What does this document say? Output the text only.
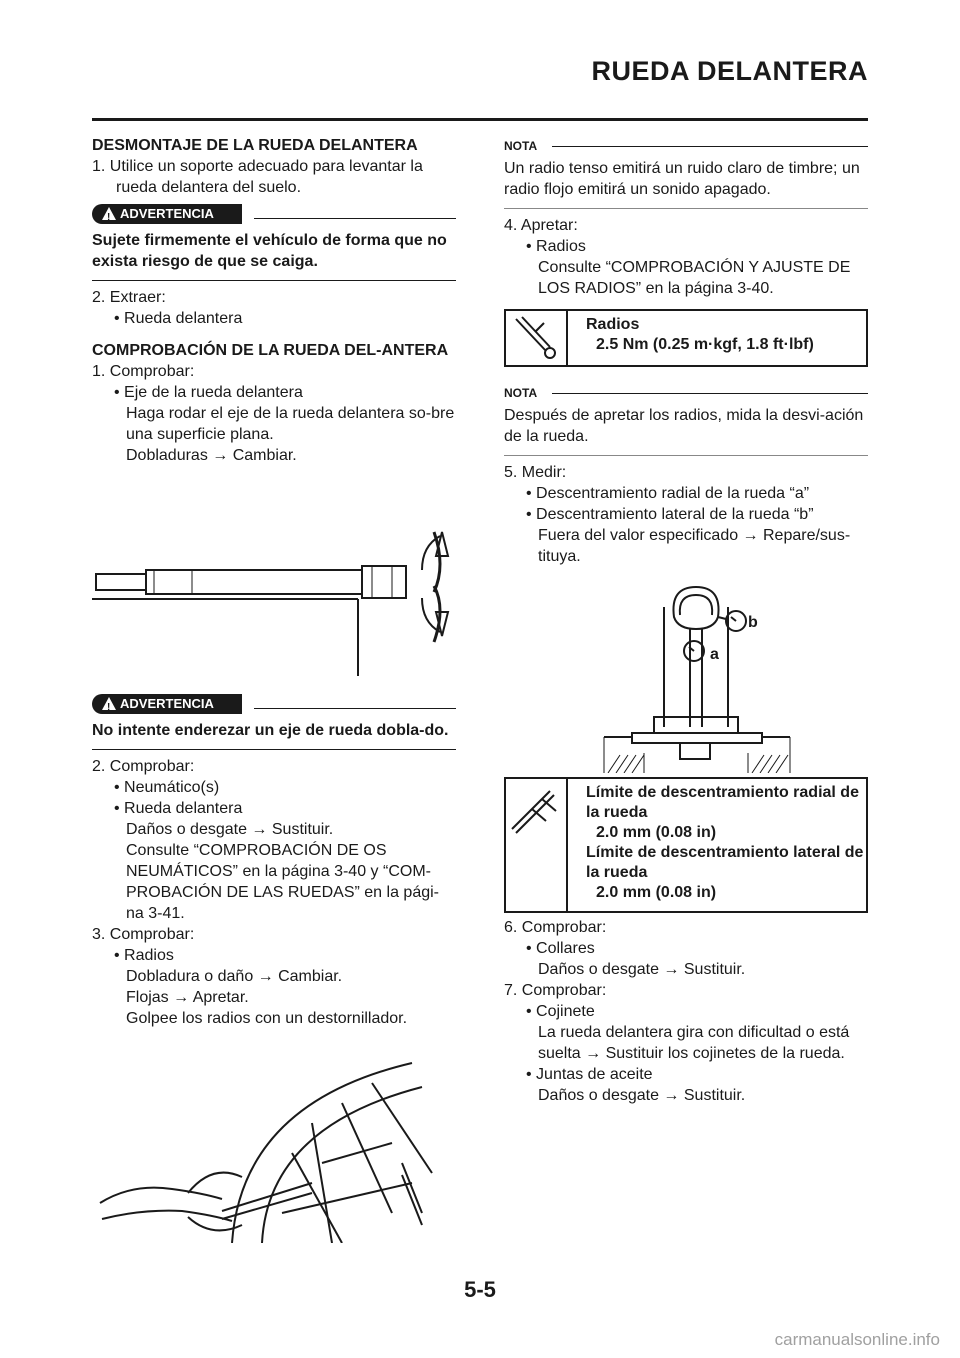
RUEDA DELANTERA

DESMONTAJE DE LA RUEDA DELANTERA

1. Utilice un soporte adecuado para levantar la rueda delantera del suelo.

!
ADVERTENCIA

Sujete firmemente el vehículo de forma que no exista riesgo de que se caiga.

2. Extraer:

• Rueda delantera

COMPROBACIÓN DE LA RUEDA DEL-ANTERA

1. Comprobar:

• Eje de la rueda delantera

Haga rodar el eje de la rueda delantera so-bre una superficie plana.

Dobladuras → Cambiar.

!
ADVERTENCIA

No intente enderezar un eje de rueda dobla-do.

2. Comprobar:

• Neumático(s)

• Rueda delantera

Daños o desgate → Sustituir.

Consulte “COMPROBACIÓN DE OS NEUMÁTICOS” en la página 3-40 y “COM-PROBACIÓN DE LAS RUEDAS” en la pági-na 3-41.

3. Comprobar:

• Radios

Dobladura o daño → Cambiar.

Flojas → Apretar.

Golpee los radios con un destornillador.

NOTA

Un radio tenso emitirá un ruido claro de timbre; un radio flojo emitirá un sonido apagado.

4. Apretar:

• Radios

Consulte “COMPROBACIÓN Y AJUSTE DE LOS RADIOS” en la página 3-40.

Radios
2.5 Nm (0.25 m·kgf, 1.8 ft·lbf)
NOTA

Después de apretar los radios, mida la desvi-ación de la rueda.

5. Medir:

• Descentramiento radial de la rueda “a”

• Descentramiento lateral de la rueda “b”

Fuera del valor especificado → Repare/sus-tituya.

b
a
Límite de descentramiento radial de la rueda
2.0 mm (0.08 in)
Límite de descentramiento lateral de la rueda
2.0 mm (0.08 in)

6. Comprobar:

• Collares

Daños o desgate → Sustituir.

7. Comprobar:

• Cojinete

La rueda delantera gira con dificultad o está suelta → Sustituir los cojinetes de la rueda.

• Juntas de aceite

Daños o desgate → Sustituir.

5-5
carmanualsonline.info
